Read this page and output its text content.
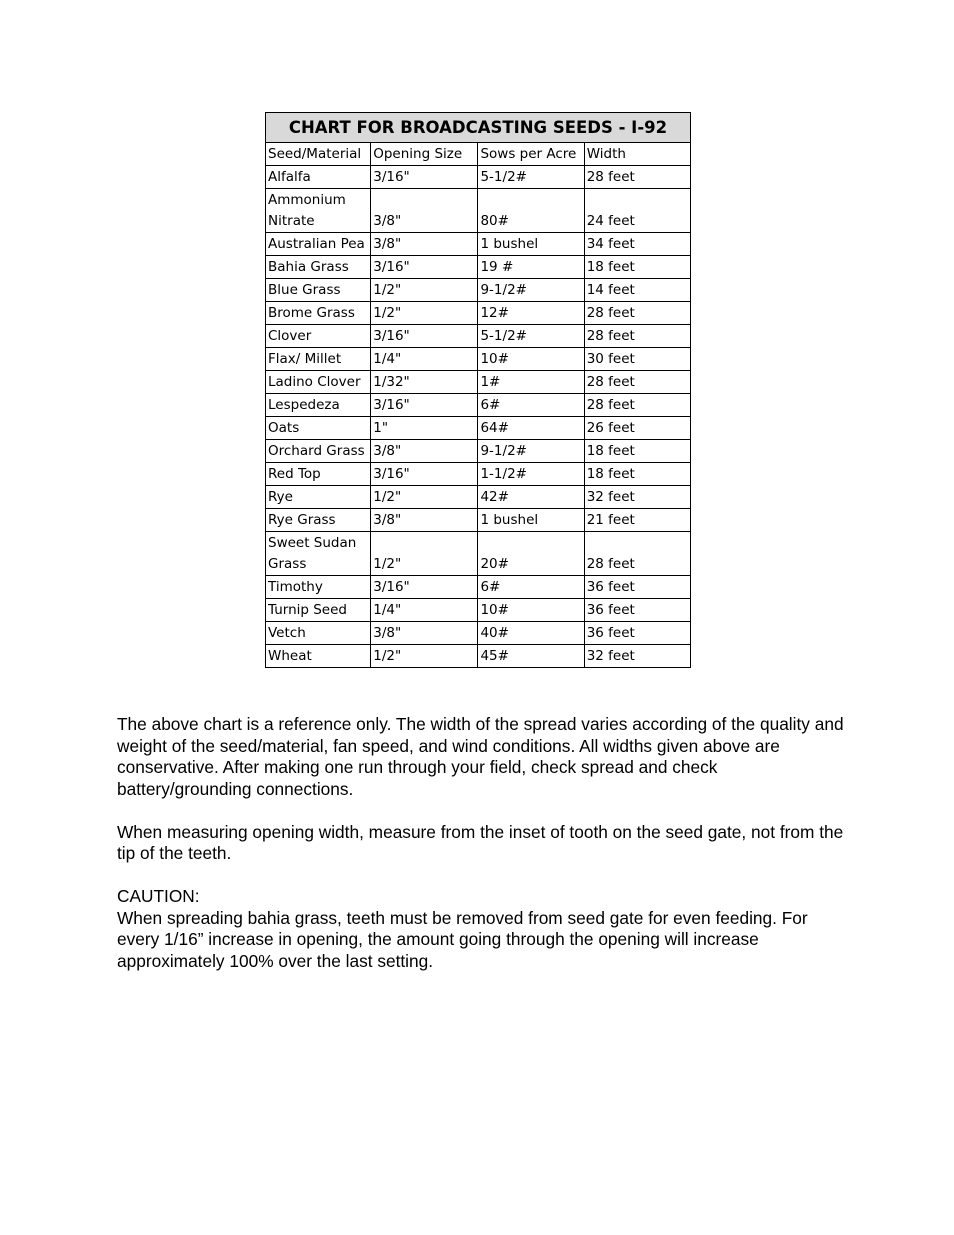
CHART FOR BROADCASTING SEEDS - I-92			
Seed/Material	Opening Size	Sows per Acre	Width
Alfalfa	3/16"	5-1/2#	28 feet
Ammonium Nitrate	3/8"	80#	24 feet
Australian Pea	3/8"	1 bushel	34 feet
Bahia Grass	3/16"	19 #	18 feet
Blue Grass	1/2"	9-1/2#	14 feet
Brome Grass	1/2"	12#	28 feet
Clover	3/16"	5-1/2#	28 feet
Flax/ Millet	1/4"	10#	30 feet
Ladino Clover	1/32"	1#	28 feet
Lespedeza	3/16"	6#	28 feet
Oats	1"	64#	26 feet
Orchard Grass	3/8"	9-1/2#	18 feet
Red Top	3/16"	1-1/2#	18 feet
Rye	1/2"	42#	32 feet
Rye Grass	3/8"	1 bushel	21 feet
Sweet Sudan Grass	1/2"	20#	28 feet
Timothy	3/16"	6#	36 feet
Turnip Seed	1/4"	10#	36 feet
Vetch	3/8"	40#	36 feet
Wheat	1/2"	45#	32 feet

The above chart is a reference only. The width of the spread varies according of the quality and weight of the seed/material, fan speed, and wind conditions. All widths given above are conservative. After making one run through your field, check spread and check battery/grounding connections.

When measuring opening width, measure from the inset of tooth on the seed gate, not from the tip of the teeth.

CAUTION:

When spreading bahia grass, teeth must be removed from seed gate for even feeding. For every 1/16” increase in opening, the amount going through the opening will increase approximately 100% over the last setting.
